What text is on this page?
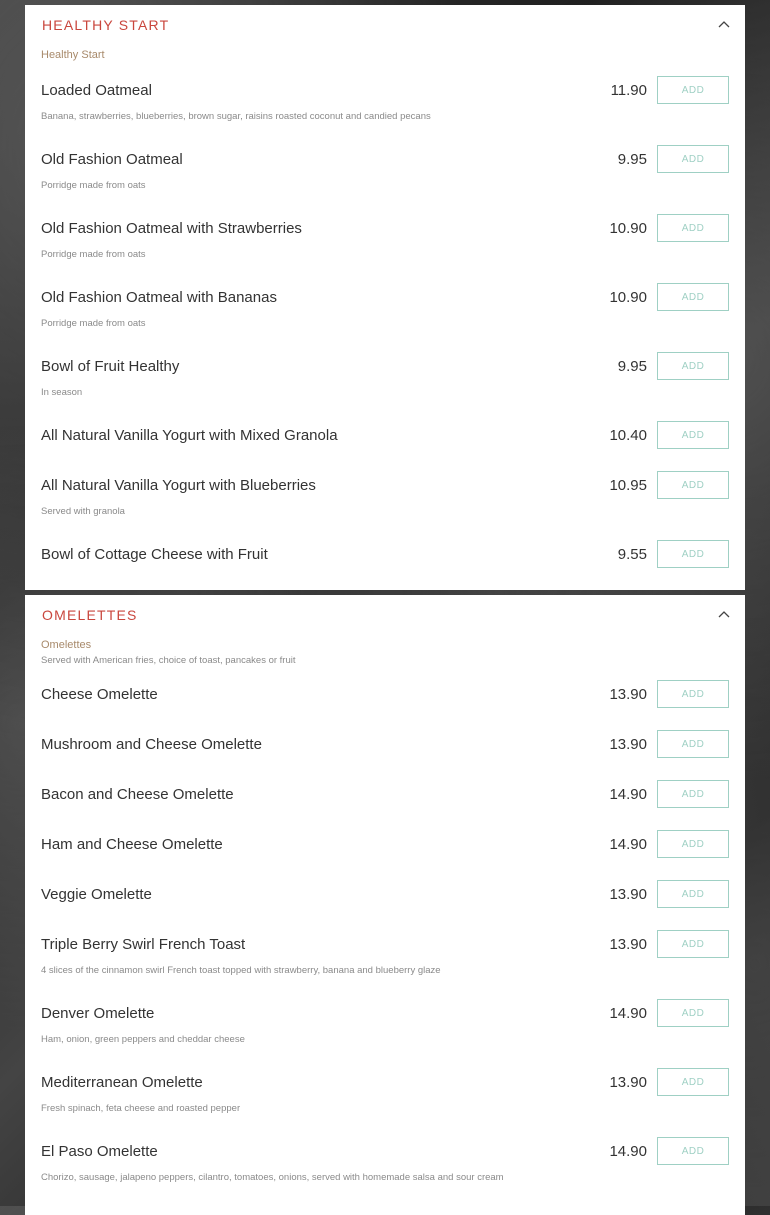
HEALTHY START
Healthy Start
Loaded Oatmeal
Banana, strawberries, blueberries, brown sugar, raisins roasted coconut and candied pecans
11.90	ADD
Old Fashion Oatmeal
Porridge made from oats
9.95	ADD
Old Fashion Oatmeal with Strawberries
Porridge made from oats
10.90	ADD
Old Fashion Oatmeal with Bananas
Porridge made from oats
10.90	ADD
Bowl of Fruit Healthy
In season
9.95	ADD
All Natural Vanilla Yogurt with Mixed Granola	10.40	ADD
All Natural Vanilla Yogurt with Blueberries
Served with granola
10.95	ADD
Bowl of Cottage Cheese with Fruit	9.55	ADD
OMELETTES
Omelettes
Served with American fries, choice of toast, pancakes or fruit
Cheese Omelette	13.90	ADD
Mushroom and Cheese Omelette	13.90	ADD
Bacon and Cheese Omelette	14.90	ADD
Ham and Cheese Omelette	14.90	ADD
Veggie Omelette	13.90	ADD
Triple Berry Swirl French Toast
4 slices of the cinnamon swirl French toast topped with strawberry, banana and blueberry glaze
13.90	ADD
Denver Omelette
Ham, onion, green peppers and cheddar cheese
14.90	ADD
Mediterranean Omelette
Fresh spinach, feta cheese and roasted pepper
13.90	ADD
El Paso Omelette
Chorizo, sausage, jalapeno peppers, cilantro, tomatoes, onions, served with homemade salsa and sour cream
14.90	ADD
